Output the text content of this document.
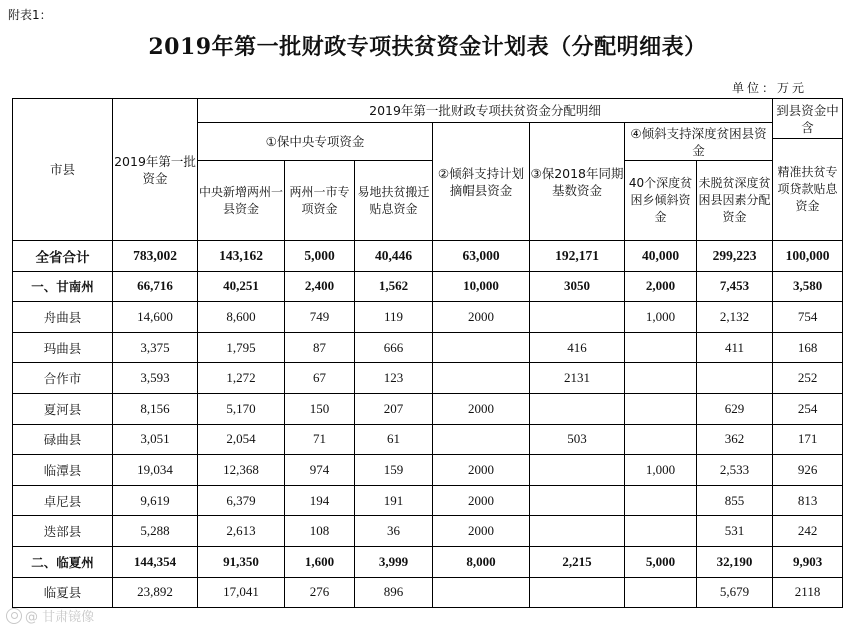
附表1：
2019年第一批财政专项扶贫资金计划表（分配明细表）
单位：万元
市县	2019年第一批资金	2019年第一批财政专项扶贫资金分配明细							到县资金中含
		①保中央专项资金			②倾斜支持计划摘帽县资金	③保2018年同期基数资金	④倾斜支持深度贫困县资金		
									精准扶贫专项贷款贴息资金
		中央新增两州一县资金	两州一市专项资金	易地扶贫搬迁贴息资金			40个深度贫困乡倾斜资金	未脱贫深度贫困县因素分配资金	
全省合计	783,002	143,162	5,000	40,446	63,000	192,171	40,000	299,223	100,000
一、甘南州	66,716	40,251	2,400	1,562	10,000	3050	2,000	7,453	3,580
舟曲县	14,600	8,600	749	119	2000		1,000	2,132	754
玛曲县	3,375	1,795	87	666		416		411	168
合作市	3,593	1,272	67	123		2131			252
夏河县	8,156	5,170	150	207	2000			629	254
碌曲县	3,051	2,054	71	61		503		362	171
临潭县	19,034	12,368	974	159	2000		1,000	2,533	926
卓尼县	9,619	6,379	194	191	2000			855	813
迭部县	5,288	2,613	108	36	2000			531	242
二、临夏州	144,354	91,350	1,600	3,999	8,000	2,215	5,000	32,190	9,903
临夏县	23,892	17,041	276	896				5,679	2118
@ 甘肃镜像
